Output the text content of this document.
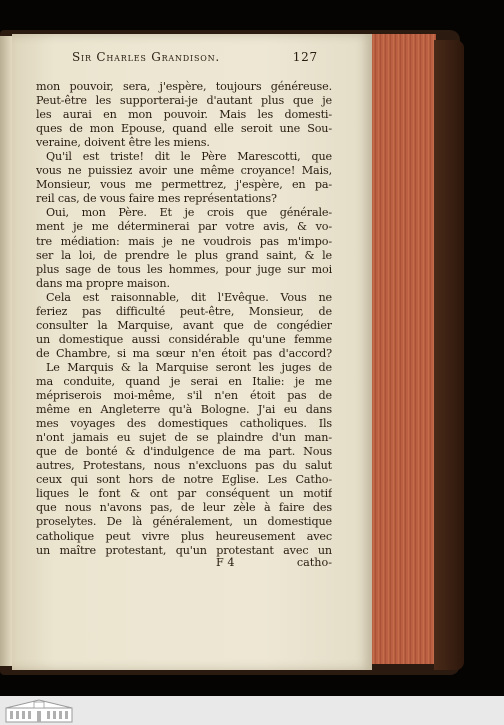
Sir Charles Grandison.	127
mon pouvoir, sera, j'espère, toujours généreuse.
Peut-être les supporterai-je d'autant plus que je
les aurai en mon pouvoir. Mais les domesti-
ques de mon Epouse, quand elle seroit une Sou-
veraine, doivent être les miens.
Qu'il est triste! dit le Père Marescotti, que
vous ne puissiez avoir une même croyance! Mais,
Monsieur, vous me permettrez, j'espère, en pa-
reil cas, de vous faire mes représentations?
Oui, mon Père. Et je crois que générale-
ment je me déterminerai par votre avis, & vo-
tre médiation: mais je ne voudrois pas m'impo-
ser la loi, de prendre le plus grand saint, & le
plus sage de tous les hommes, pour juge sur moi
dans ma propre maison.
Cela est raisonnable, dit l'Evêque. Vous ne
feriez pas difficulté peut-être, Monsieur, de
consulter la Marquise, avant que de congédier
un domestique aussi considérable qu'une femme
de Chambre, si ma sœur n'en étoit pas d'accord?
Le Marquis & la Marquise seront les juges de
ma conduite, quand je serai en Italie: je me
mépriserois moi-même, s'il n'en étoit pas de
même en Angleterre qu'à Bologne. J'ai eu dans
mes voyages des domestiques catholiques. Ils
n'ont jamais eu sujet de se plaindre d'un man-
que de bonté & d'indulgence de ma part. Nous
autres, Protestans, nous n'excluons pas du salut
ceux qui sont hors de notre Eglise. Les Catho-
liques le font & ont par conséquent un motif
que nous n'avons pas, de leur zèle à faire des
proselytes. De là généralement, un domestique
catholique peut vivre plus heureusement avec
un maître protestant, qu'un protestant avec un
F 4	catho-
